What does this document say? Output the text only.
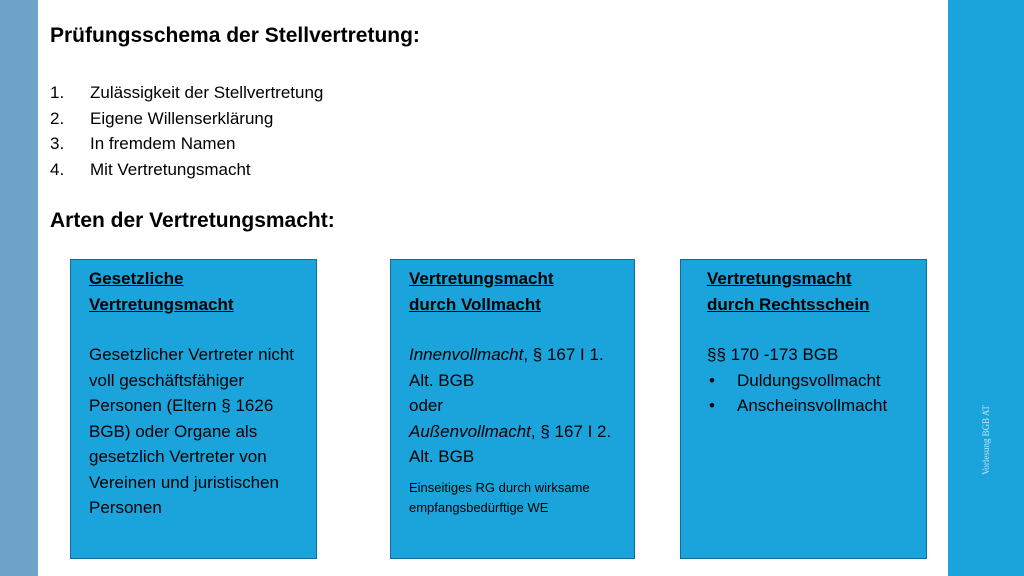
Vorlesung BGB AT
Prüfungsschema der Stellvertretung:
1.	Zulässigkeit der Stellvertretung
2.	Eigene Willenserklärung
3.	In fremdem Namen
4.	Mit Vertretungsmacht
Arten der Vertretungsmacht:
Gesetzliche
Vertretungsmacht
Gesetzlicher Vertreter nicht voll geschäftsfähiger Personen (Eltern § 1626 BGB) oder Organe als gesetzlich Vertreter von Vereinen und juristischen Personen
Vertretungsmacht
durch Vollmacht
Innenvollmacht, § 167 I 1. Alt. BGB
oder
Außenvollmacht, § 167 I 2. Alt. BGB
Einseitiges RG durch wirksame empfangsbedürftige WE
Vertretungsmacht
durch Rechtsschein
§§ 170 -173 BGB
•	Duldungsvollmacht
•	Anscheinsvollmacht
